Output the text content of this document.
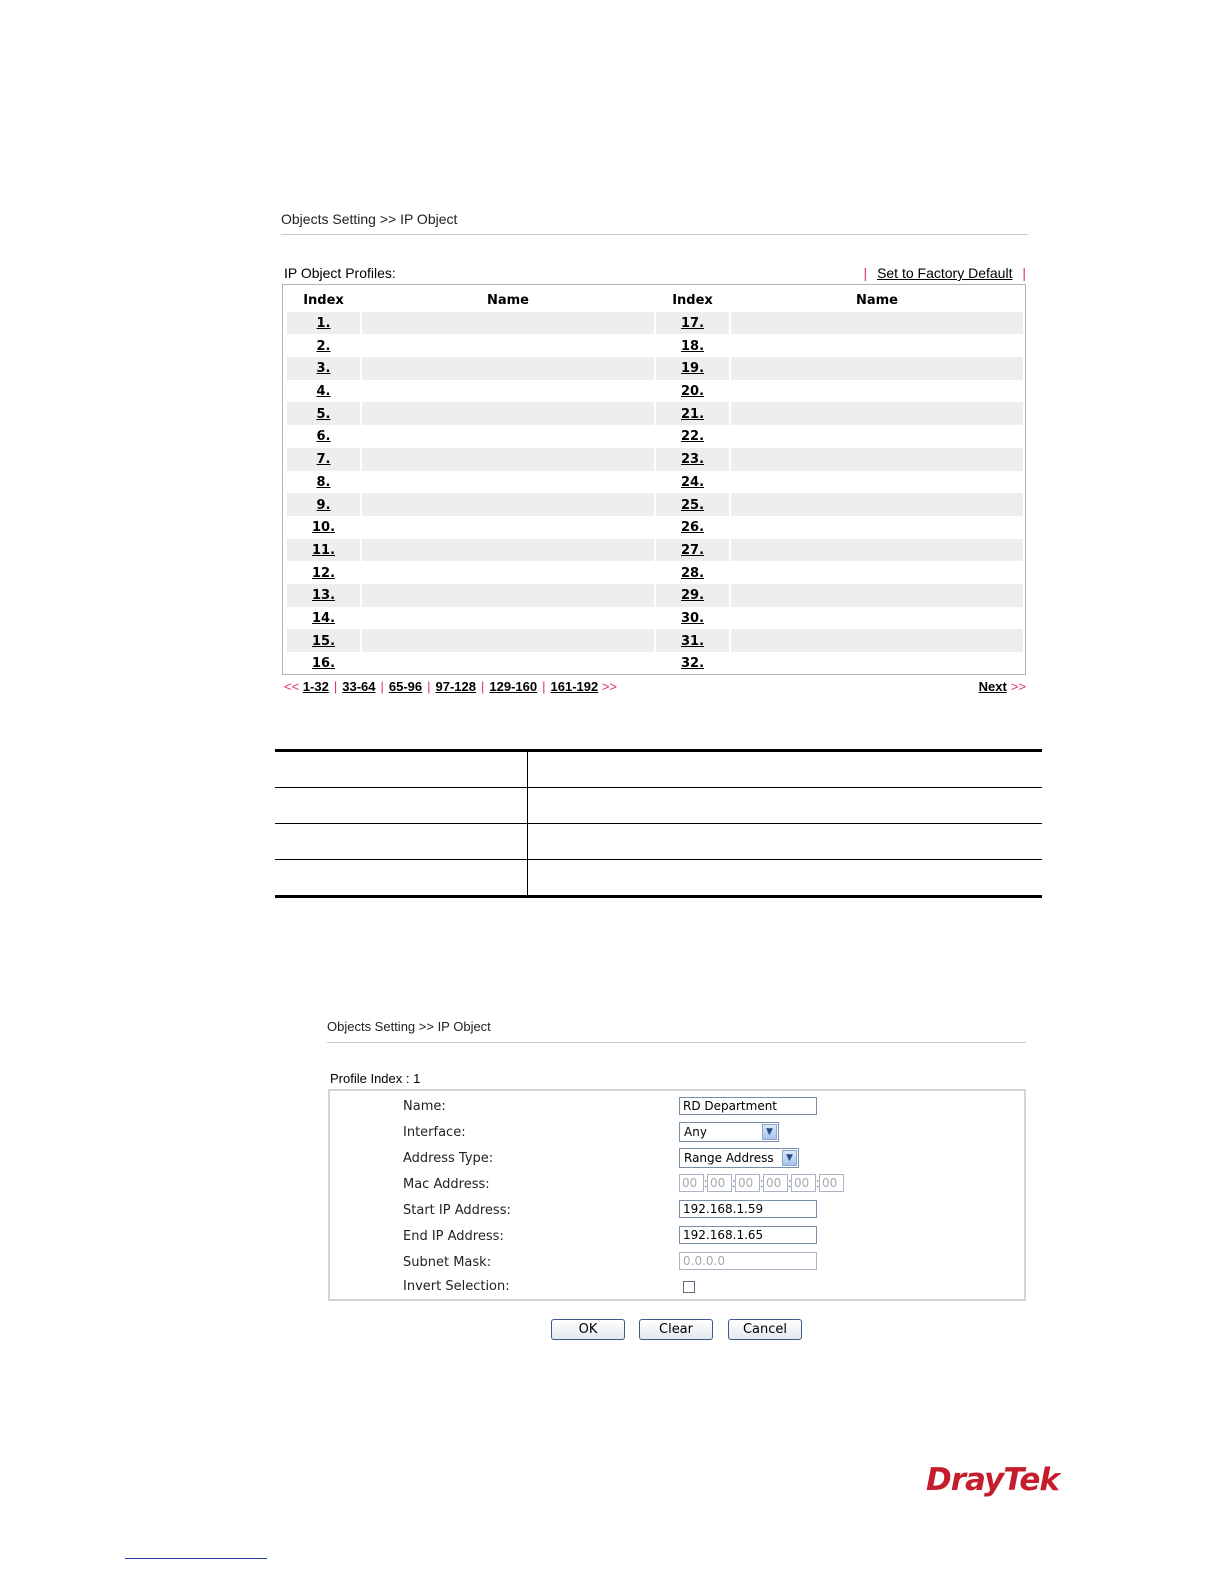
Objects Setting >> IP Object
IP Object Profiles:	| Set to Factory Default |
Index	Name	Index	Name
1.		17.	
2.		18.	
3.		19.	
4.		20.	
5.		21.	
6.		22.	
7.		23.	
8.		24.	
9.		25.	
10.		26.	
11.		27.	
12.		28.	
13.		29.	
14.		30.	
15.		31.	
16.		32.	
<< 1-32 | 33-64 | 65-96 | 97-128 | 129-160 | 161-192 >>	Next >>

Objects Setting >> IP Object
Profile Index : 1
Name:	RD Department
Interface:	Any	▼
Address Type:	Range Address	▼
Mac Address:	00 : 00 : 00 : 00 : 00 : 00
Start IP Address:	192.168.1.59
End IP Address:	192.168.1.65
Subnet Mask:	0.0.0.0
Invert Selection:
OK	Clear	Cancel
DrayTek
